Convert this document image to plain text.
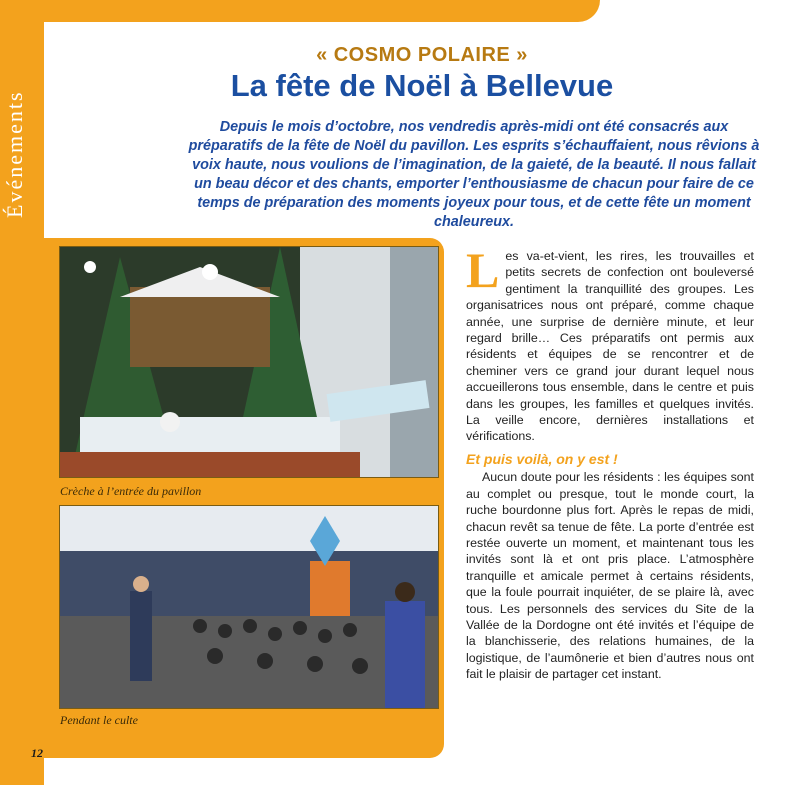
Événements
« COSMO POLAIRE »
La fête de Noël à Bellevue
Depuis le mois d’octobre, nos vendredis après-midi ont été consacrés aux préparatifs de la fête de Noël du pavillon. Les esprits s’échauffaient, nous rêvions à voix haute, nous voulions de l’imagination, de la gaieté, de la beauté. Il nous fallait un beau décor et des chants, emporter l’enthousiasme de chacun pour faire de ce temps de préparation des moments joyeux pour tous, et de cette fête un moment chaleureux.
Crèche à l’entrée du pavillon
Pendant le culte
L es va-et-vient, les rires, les trouvailles et petits secrets de confection ont bouleversé gentiment la tranquillité des groupes. Les organisatrices nous ont préparé, comme chaque année, une surprise de dernière minute, et leur regard brille… Ces préparatifs ont permis aux résidents et équipes de se rencontrer et de cheminer vers ce grand jour durant lequel nous accueillerons tous ensemble, dans le centre et puis dans les groupes, les familles et quelques invités. La veille encore, dernières installations et vérifications.
Et puis voilà, on y est !
Aucun doute pour les résidents : les équipes sont au complet ou presque, tout le monde court, la ruche bourdonne plus fort. Après le repas de midi, chacun revêt sa tenue de fête. La porte d’entrée est restée ouverte un moment, et maintenant tous les invités sont là et ont pris place. L’atmosphère tranquille et amicale permet à certains résidents, que la foule pourrait inquiéter, de se plaire là, avec tous. Les personnels des services du Site de la Vallée de la Dordogne ont été invités et l’équipe de la blanchisserie, des relations humaines, de la logistique, de l’aumônerie et bien d’autres nous ont fait le plaisir de partager cet instant.
12
